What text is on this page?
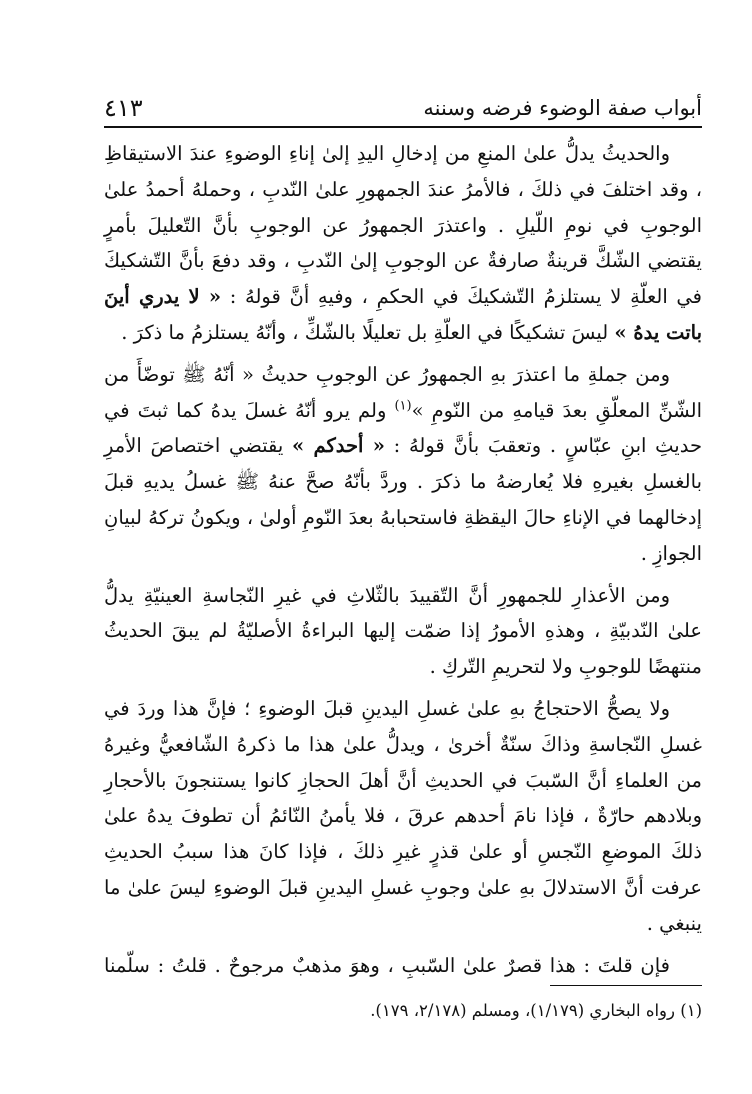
أبواب صفة الوضوء فرضه وسننه
٤١٣

والحديثُ يدلُّ علىٰ المنعِ من إدخالِ اليدِ إلىٰ إناءِ الوضوءِ عندَ الاستيقاظِ ، وقد اختلفَ في ذلكَ ، فالأمرُ عندَ الجمهورِ علىٰ النّدبِ ، وحملهُ أحمدُ علىٰ الوجوبِ في نومِ اللّيلِ . واعتذرَ الجمهورُ عن الوجوبِ بأنَّ التّعليلَ بأمرٍ يقتضي الشّكَّ قرينةٌ صارفةٌ عن الوجوبِ إلىٰ النّدبِ ، وقد دفعَ بأنَّ التّشكيكَ في العلّةِ لا يستلزمُ التّشكيكَ في الحكمِ ، وفيهِ أنَّ قولهُ : « لا يدري أينَ باتت يدهُ » ليسَ تشكيكًا في العلّةِ بل تعليلًا بالشّكِّ ، وأنّهُ يستلزمُ ما ذكرَ .

ومن جملةِ ما اعتذرَ بهِ الجمهورُ عن الوجوبِ حديثُ « أنّهُ ﷺ توضّأَ من الشّنِّ المعلّقِ بعدَ قيامهِ من النّومِ »$^{(١)}$ ولم يرو أنّهُ غسلَ يدهُ كما ثبتَ في حديثِ ابنِ عبّاسٍ . وتعقبَ بأنَّ قولهُ : « أحدكم » يقتضي اختصاصَ الأمرِ بالغسلِ بغيرهِ فلا يُعارضهُ ما ذكرَ . وردَّ بأنّهُ صحَّ عنهُ ﷺ غسلُ يديهِ قبلَ إدخالهما في الإناءِ حالَ اليقظةِ فاستحبابهُ بعدَ النّومِ أولىٰ ، ويكونُ تركهُ لبيانِ الجوازِ .

ومن الأعذارِ للجمهورِ أنَّ التّقييدَ بالثّلاثِ في غيرِ النّجاسةِ العينيّةِ يدلُّ علىٰ النّدبيّةِ ، وهذهِ الأمورُ إذا ضمّت إليها البراءةُ الأصليّةُ لم يبقَ الحديثُ منتهضًا للوجوبِ ولا لتحريمِ التّركِ .

ولا يصحُّ الاحتجاجُ بهِ علىٰ غسلِ اليدينِ قبلَ الوضوءِ ؛ فإنَّ هذا وردَ في غسلِ النّجاسةِ وذاكَ سنّةٌ أخرىٰ ، ويدلُّ علىٰ هذا ما ذكرهُ الشّافعيُّ وغيرهُ من العلماءِ أنَّ السّببَ في الحديثِ أنَّ أهلَ الحجازِ كانوا يستنجونَ بالأحجارِ وبلادهم حارّةٌ ، فإذا نامَ أحدهم عرقَ ، فلا يأمنُ النّائمُ أن تطوفَ يدهُ علىٰ ذلكَ الموضعِ النّجسِ أو علىٰ قذرٍ غيرِ ذلكَ ، فإذا كانَ هذا سببُ الحديثِ عرفت أنَّ الاستدلالَ بهِ علىٰ وجوبِ غسلِ اليدينِ قبلَ الوضوءِ ليسَ علىٰ ما ينبغي .

فإن قلتَ : هذا قصرٌ علىٰ السّببِ ، وهوَ مذهبٌ مرجوحٌ . قلتُ : سلّمنا

(١) رواه البخاري (١/١٧٩)، ومسلم (٢/١٧٨، ١٧٩).
